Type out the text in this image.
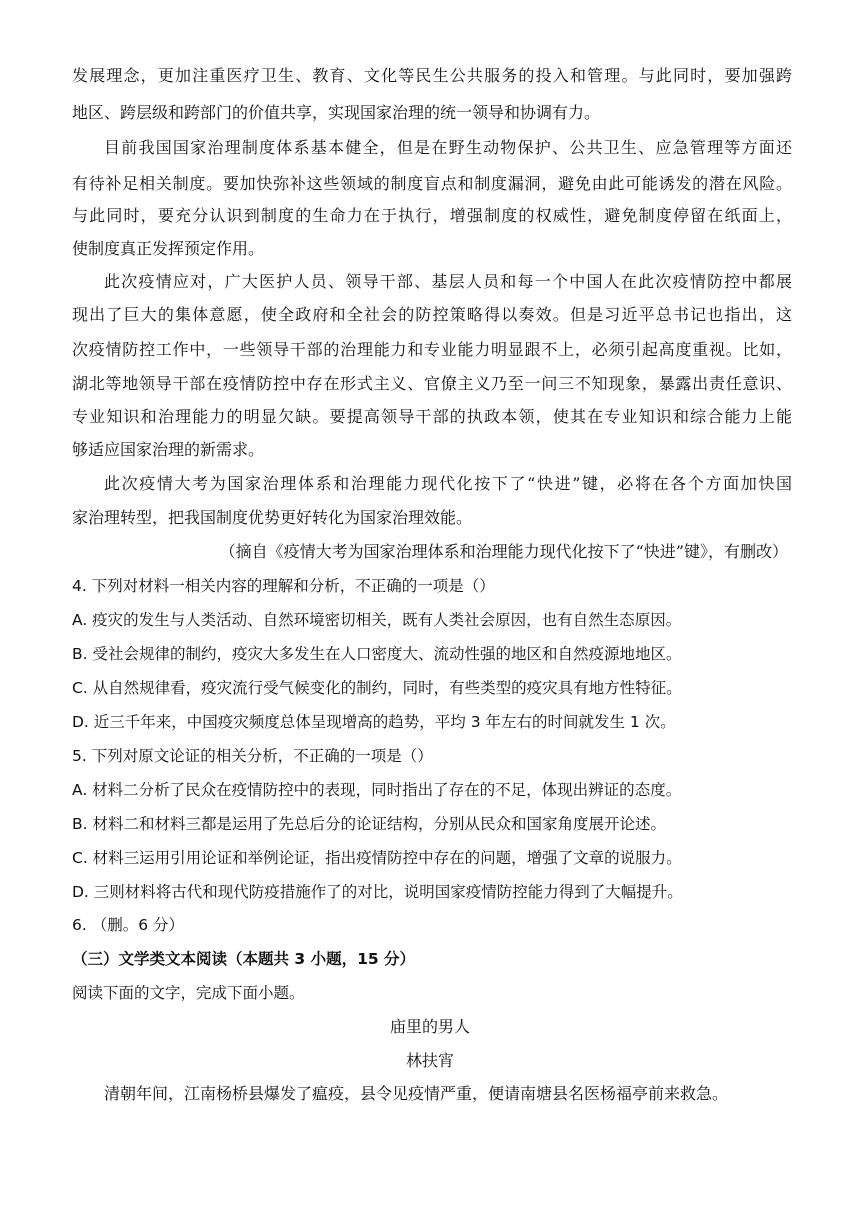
发展理念，更加注重医疗卫生、教育、文化等民生公共服务的投入和管理。与此同时，要加强跨
地区、跨层级和跨部门的价值共享，实现国家治理的统一领导和协调有力。
目前我国国家治理制度体系基本健全，但是在野生动物保护、公共卫生、应急管理等方面还
有待补足相关制度。要加快弥补这些领域的制度盲点和制度漏洞，避免由此可能诱发的潜在风险。
与此同时，要充分认识到制度的生命力在于执行，增强制度的权威性，避免制度停留在纸面上，
使制度真正发挥预定作用。
此次疫情应对，广大医护人员、领导干部、基层人员和每一个中国人在此次疫情防控中都展
现出了巨大的集体意愿，使全政府和全社会的防控策略得以奏效。但是习近平总书记也指出，这
次疫情防控工作中，一些领导干部的治理能力和专业能力明显跟不上，必须引起高度重视。比如，
湖北等地领导干部在疫情防控中存在形式主义、官僚主义乃至一问三不知现象，暴露出责任意识、
专业知识和治理能力的明显欠缺。要提高领导干部的执政本领，使其在专业知识和综合能力上能
够适应国家治理的新需求。
此次疫情大考为国家治理体系和治理能力现代化按下了“快进”键，必将在各个方面加快国
家治理转型，把我国制度优势更好转化为国家治理效能。
（摘自《疫情大考为国家治理体系和治理能力现代化按下了“快进”键》，有删改）
4. 下列对材料一相关内容的理解和分析，不正确的一项是（）
A. 疫灾的发生与人类活动、自然环境密切相关，既有人类社会原因，也有自然生态原因。
B. 受社会规律的制约，疫灾大多发生在人口密度大、流动性强的地区和自然疫源地地区。
C. 从自然规律看，疫灾流行受气候变化的制约，同时，有些类型的疫灾具有地方性特征。
D. 近三千年来，中国疫灾频度总体呈现增高的趋势，平均 3 年左右的时间就发生 1 次。
5. 下列对原文论证的相关分析，不正确的一项是（）
A. 材料二分析了民众在疫情防控中的表现，同时指出了存在的不足，体现出辨证的态度。
B. 材料二和材料三都是运用了先总后分的论证结构，分别从民众和国家角度展开论述。
C. 材料三运用引用论证和举例论证，指出疫情防控中存在的问题，增强了文章的说服力。
D. 三则材料将古代和现代防疫措施作了的对比，说明国家疫情防控能力得到了大幅提升。
6. （删。6 分）
（三）文学类文本阅读（本题共 3 小题，15 分）
阅读下面的文字，完成下面小题。
庙里的男人
林扶宵
清朝年间，江南杨桥县爆发了瘟疫，县令见疫情严重，便请南塘县名医杨福亭前来救急。
